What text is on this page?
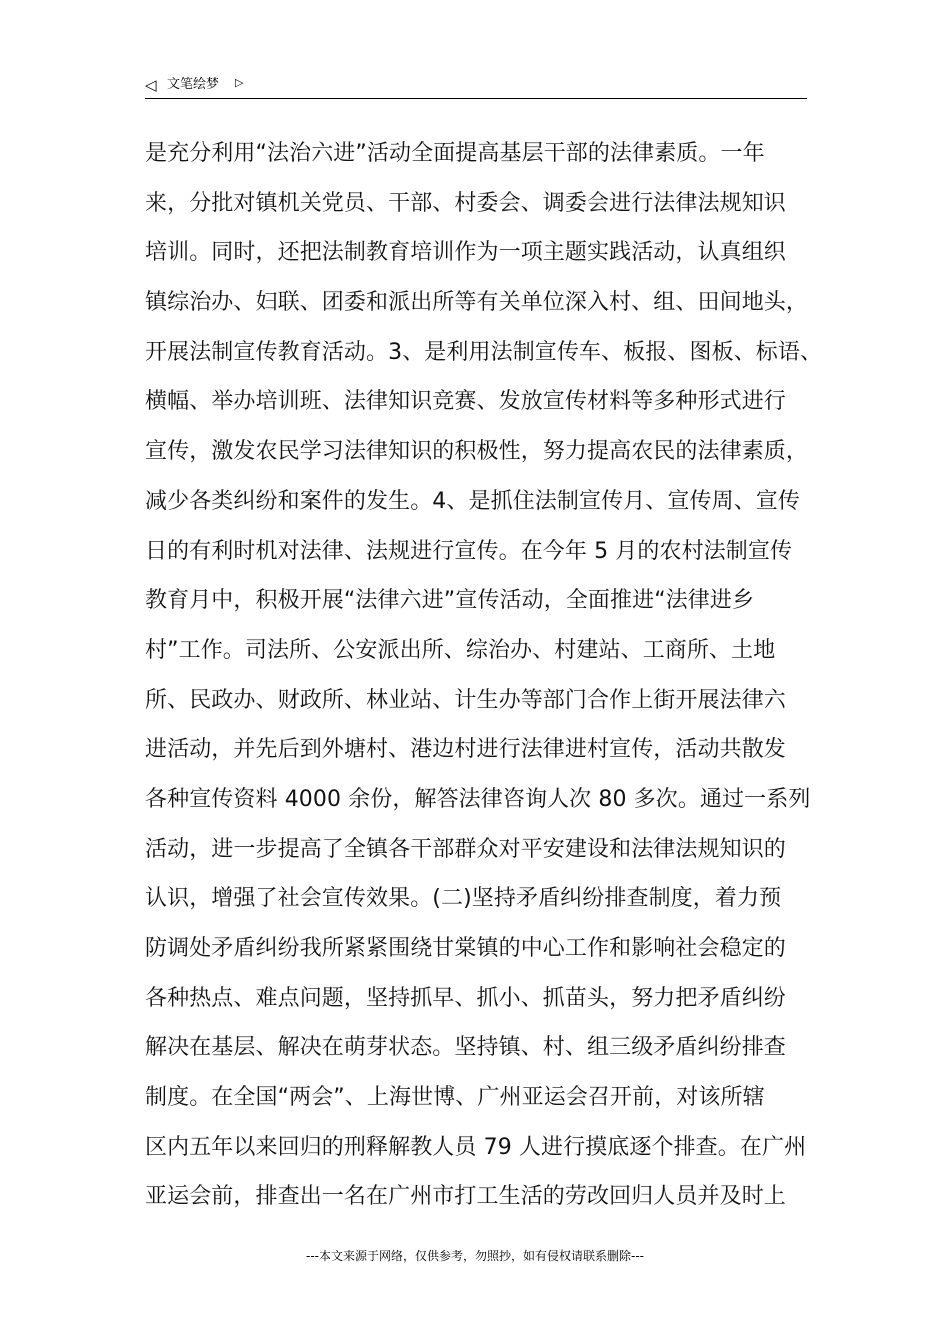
◁ 文笔绘梦 ▷
是充分利用“法治六进”活动全面提高基层干部的法律素质。一年
来，分批对镇机关党员、干部、村委会、调委会进行法律法规知识
培训。同时，还把法制教育培训作为一项主题实践活动，认真组织
镇综治办、妇联、团委和派出所等有关单位深入村、组、田间地头，
开展法制宣传教育活动。3、是利用法制宣传车、板报、图板、标语、
横幅、举办培训班、法律知识竞赛、发放宣传材料等多种形式进行
宣传，激发农民学习法律知识的积极性，努力提高农民的法律素质，
减少各类纠纷和案件的发生。4、是抓住法制宣传月、宣传周、宣传
日的有利时机对法律、法规进行宣传。在今年 5 月的农村法制宣传
教育月中，积极开展“法律六进”宣传活动，全面推进“法律进乡
村”工作。司法所、公安派出所、综治办、村建站、工商所、土地
所、民政办、财政所、林业站、计生办等部门合作上街开展法律六
进活动，并先后到外塘村、港边村进行法律进村宣传，活动共散发
各种宣传资料 4000 余份，解答法律咨询人次 80 多次。通过一系列
活动，进一步提高了全镇各干部群众对平安建设和法律法规知识的
认识，增强了社会宣传效果。(二)坚持矛盾纠纷排查制度，着力预
防调处矛盾纠纷我所紧紧围绕甘棠镇的中心工作和影响社会稳定的
各种热点、难点问题，坚持抓早、抓小、抓苗头，努力把矛盾纠纷
解决在基层、解决在萌芽状态。坚持镇、村、组三级矛盾纠纷排查
制度。在全国“两会”、上海世博、广州亚运会召开前，对该所辖
区内五年以来回归的刑释解教人员 79 人进行摸底逐个排查。在广州
亚运会前，排查出一名在广州市打工生活的劳改回归人员并及时上
---本文来源于网络，仅供参考，勿照抄，如有侵权请联系删除---
